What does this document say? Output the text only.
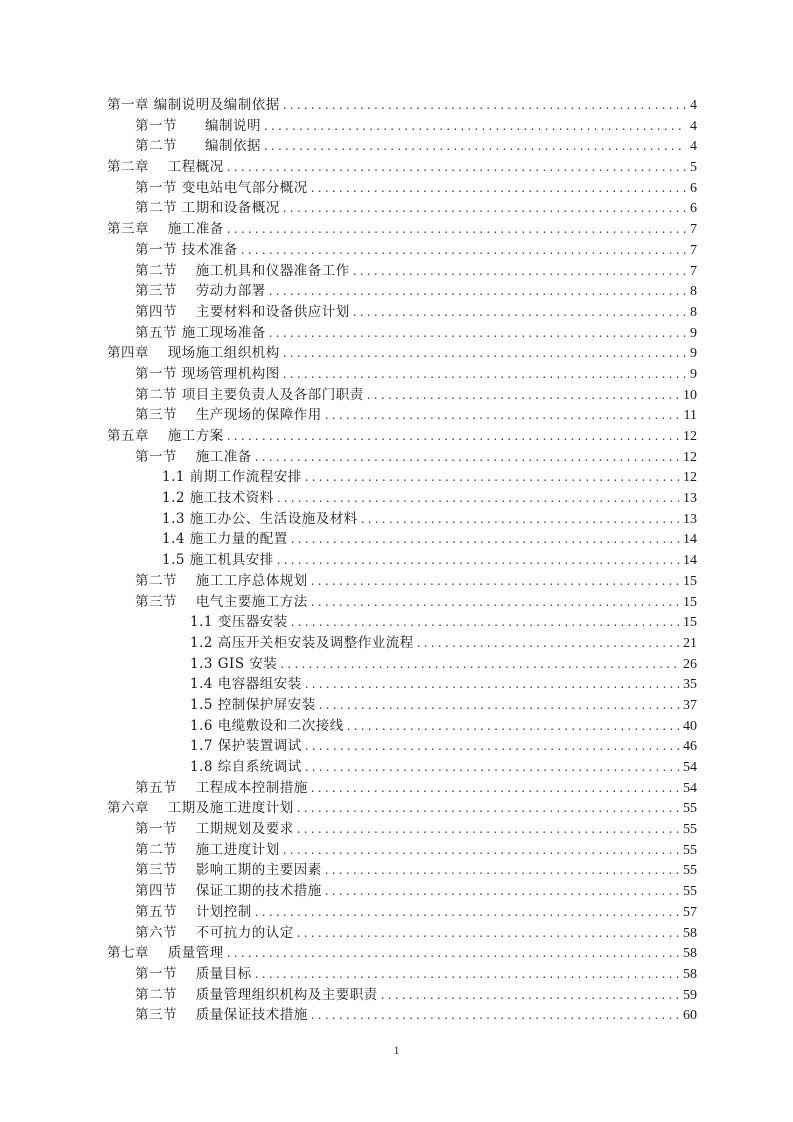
第一章 编制说明及编制依据 .....	4
第一节　　编制说明 .....	4
第二节　　编制依据 .....	4
第二章　 工程概况 .....	5
第一节 变电站电气部分概况 .....	6
第二节 工期和设备概况 .....	6
第三章　 施工准备 .....	7
第一节 技术准备 .....	7
第二节　 施工机具和仪器准备工作 .....	7
第三节　 劳动力部署 .....	8
第四节　 主要材料和设备供应计划 .....	8
第五节 施工现场准备 .....	9
第四章　 现场施工组织机构 .....	9
第一节 现场管理机构图 .....	9
第二节 项目主要负责人及各部门职责 .....	10
第三节　 生产现场的保障作用 .....	11
第五章　 施工方案 .....	12
第一节　 施工准备 .....	12
1.1 前期工作流程安排 .....	12
1.2 施工技术资料 .....	13
1.3 施工办公、生活设施及材料 .....	13
1.4 施工力量的配置 .....	14
1.5 施工机具安排 .....	14
第二节　 施工工序总体规划 .....	15
第三节　 电气主要施工方法 .....	15
1.1 变压器安装 .....	15
1.2 高压开关柜安装及调整作业流程 .....	21
1.3 GIS 安装 .....	26
1.4 电容器组安装 .....	35
1.5 控制保护屏安装 .....	37
1.6 电缆敷设和二次接线 .....	40
1.7 保护装置调试 .....	46
1.8 综自系统调试 .....	54
第五节　 工程成本控制措施 .....	54
第六章　 工期及施工进度计划 .....	55
第一节　 工期规划及要求 .....	55
第二节　 施工进度计划 .....	55
第三节　 影响工期的主要因素 .....	55
第四节　 保证工期的技术措施 .....	55
第五节　 计划控制 .....	57
第六节　 不可抗力的认定 .....	58
第七章　 质量管理 .....	58
第一节　 质量目标 .....	58
第二节　 质量管理组织机构及主要职责 .....	59
第三节　 质量保证技术措施 .....	60
1
